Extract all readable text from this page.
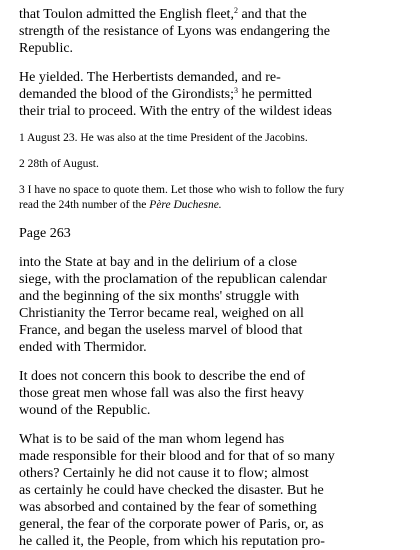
that Toulon admitted the English fleet,$^2$ and that the
strength of the resistance of Lyons was endangering the
Republic.

He yielded. The Herbertists demanded, and re-
demanded the blood of the Girondists;$^3$ he permitted
their trial to proceed. With the entry of the wildest ideas

1 August 23. He was also at the time President of the Jacobins.

2 28th of August.

3 I have no space to quote them. Let those who wish to follow the fury
read the 24th number of the Père Duchesne.

Page 263

into the State at bay and in the delirium of a close
siege, with the proclamation of the republican calendar
and the beginning of the six months' struggle with
Christianity the Terror became real, weighed on all
France, and began the useless marvel of blood that
ended with Thermidor.

It does not concern this book to describe the end of
those great men whose fall was also the first heavy
wound of the Republic.

What is to be said of the man whom legend has
made responsible for their blood and for that of so many
others? Certainly he did not cause it to flow; almost
as certainly he could have checked the disaster. But he
was absorbed and contained by the fear of something
general, the fear of the corporate power of Paris, or, as
he called it, the People, from which his reputation pro-
